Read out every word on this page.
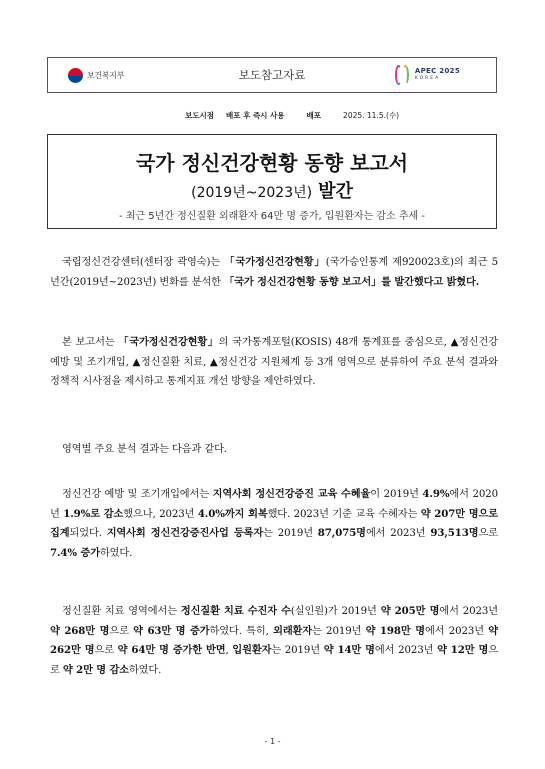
보건복지부	보도참고자료	APEC 2025
KOREA
보도시점 배포 후 즉시 사용	배포	2025. 11.5.(수)
국가 정신건강현황 동향 보고서
(2019년~2023년) 발간
- 최근 5년간 정신질환 외래환자 64만 명 증가, 입원환자는 감소 추세 -
국립정신건강센터(센터장 곽영숙)는 「국가정신건강현황」(국가승인통계 제920023호)의 최근 5년간(2019년~2023년) 변화를 분석한 「국가 정신건강현황 동향 보고서」를 발간했다고 밝혔다.
본 보고서는 「국가정신건강현황」의 국가통계포털(KOSIS) 48개 통계표를 중심으로, ▲정신건강 예방 및 조기개입, ▲정신질환 치료, ▲정신건강 지원체계 등 3개 영역으로 분류하여 주요 분석 결과와 정책적 시사점을 제시하고 통계지표 개선 방향을 제안하였다.
영역별 주요 분석 결과는 다음과 같다.
정신건강 예방 및 조기개입에서는 지역사회 정신건강증진 교육 수혜율이 2019년 4.9%에서 2020년 1.9%로 감소했으나, 2023년 4.0%까지 회복했다. 2023년 기준 교육 수혜자는 약 207만 명으로 집계되었다. 지역사회 정신건강증진사업 등록자는 2019년 87,075명에서 2023년 93,513명으로 7.4% 증가하였다.
정신질환 치료 영역에서는 정신질환 치료 수진자 수(실인원)가 2019년 약 205만 명에서 2023년 약 268만 명으로 약 63만 명 증가하였다. 특히, 외래환자는 2019년 약 198만 명에서 2023년 약 262만 명으로 약 64만 명 증가한 반면, 입원환자는 2019년 약 14만 명에서 2023년 약 12만 명으로 약 2만 명 감소하였다.
- 1 -
